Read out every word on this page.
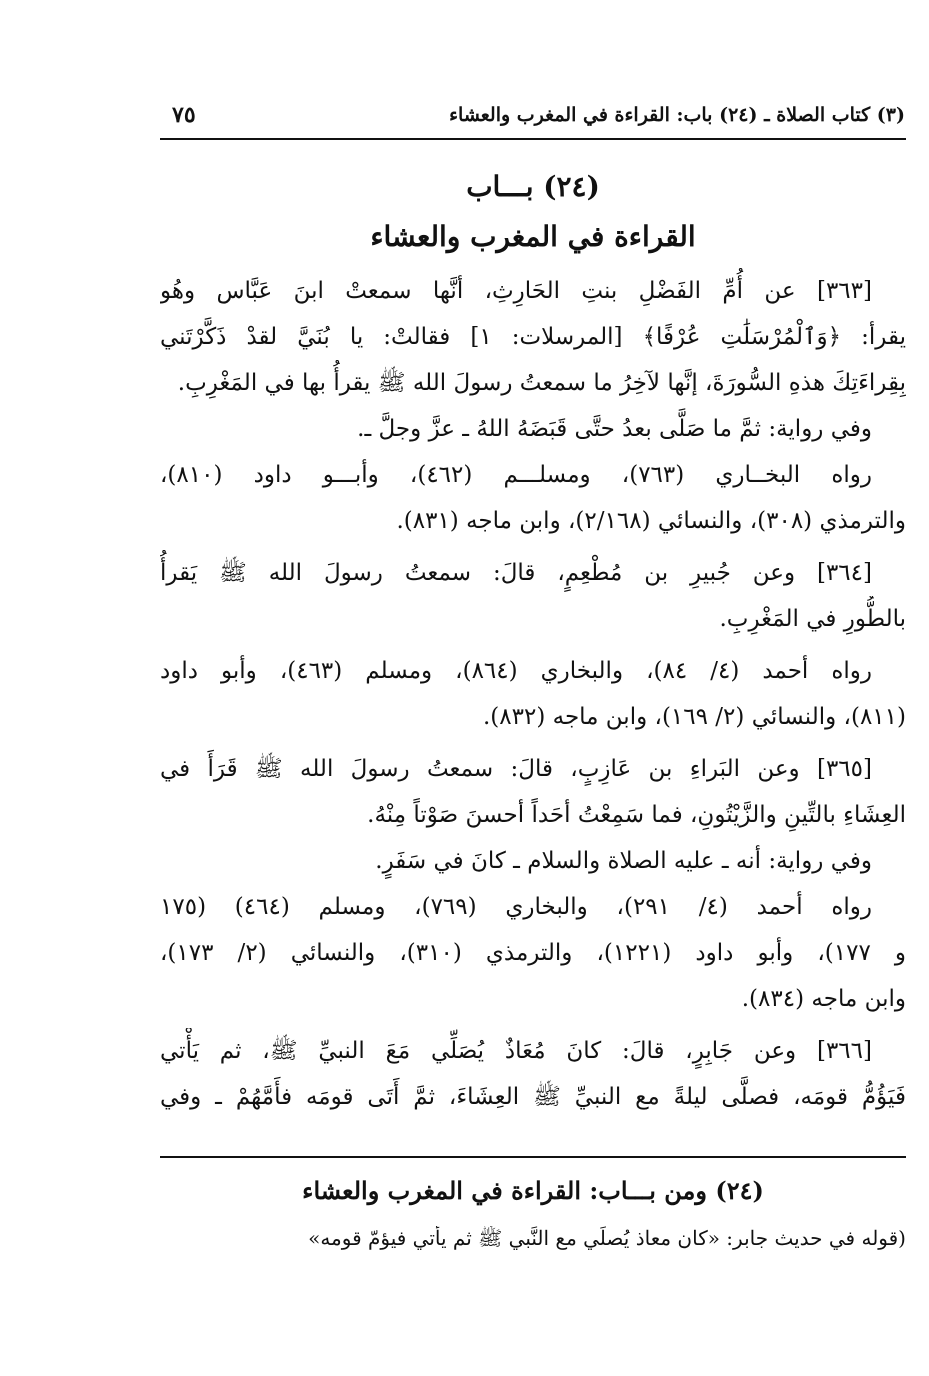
(٣) كتاب الصلاة ـ (٢٤) باب: القراءة في المغرب والعشاء
٧٥
(٢٤) بـــاب
القراءة في المغرب والعشاء
[٣٦٣] عن أُمِّ الفَضْلِ بنتِ الحَارِثِ، أنَّها سمعتْ ابنَ عَبَّاس وهُو
يقرأ: ﴿وَٱلْمُرْسَلَٰتِ عُرْفًا﴾ [المرسلات: ١] فقالتْ: يا بُنَيَّ لقدْ ذَكَّرْتَني
بِقِراءَتِكَ هذهِ السُّورَةَ، إنَّها لآخِرُ ما سمعتُ رسولَ الله ﷺ يقرأُ بها في المَغْرِبِ.
وفي رواية: ثمَّ ما صَلَّى بعدُ حتَّى قَبَضَهُ اللهُ ـ عزَّ وجلَّ ـ.
رواه البخــاري (٧٦٣)، ومسلـــم (٤٦٢)، وأبـــو داود (٨١٠)،
والترمذي (٣٠٨)، والنسائي (٢/١٦٨)، وابن ماجه (٨٣١).
[٣٦٤] وعن جُبيرِ بن مُطْعِمٍ، قالَ: سمعتُ رسولَ الله ﷺ يَقرأُ
بالطُّورِ في المَغْرِبِ.
رواه أحمد (٤/ ٨٤)، والبخاري (٨٦٤)، ومسلم (٤٦٣)، وأبو داود
(٨١١)، والنسائي (٢/ ١٦٩)، وابن ماجه (٨٣٢).
[٣٦٥] وعن البَراءِ بن عَازِبٍ، قالَ: سمعتُ رسولَ الله ﷺ قَرَأَ في
العِشَاءِ بالتِّينِ والزَّيْتُونِ، فما سَمِعْتُ أحَداً أحسنَ صَوْتاً مِنْهُ.
وفي رواية: أنه ـ عليه الصلاة والسلام ـ كانَ في سَفَرٍ.
رواه أحمد (٤/ ٢٩١)، والبخاري (٧٦٩)، ومسلم (٤٦٤) (١٧٥
و ١٧٧)، وأبو داود (١٢٢١)، والترمذي (٣١٠)، والنسائي (٢/ ١٧٣)،
وابن ماجه (٨٣٤).
[٣٦٦] وعن جَابِرٍ، قالَ: كانَ مُعَاذٌ يُصَلِّي مَعَ النبيِّ ﷺ، ثم يَأْتي
فَيَؤُمُّ قومَه، فصلَّى ليلةً مع النبيِّ ﷺ العِشَاءَ، ثمَّ أَتَى قومَه فأَمَّهُمْ ـ وفي
(٢٤) ومن بـــاب: القراءة في المغرب والعشاء
(قوله في حديث جابر: «كان معاذ يُصلِّي مع النَّبي ﷺ ثم يأتي فيؤمّ قومه»
